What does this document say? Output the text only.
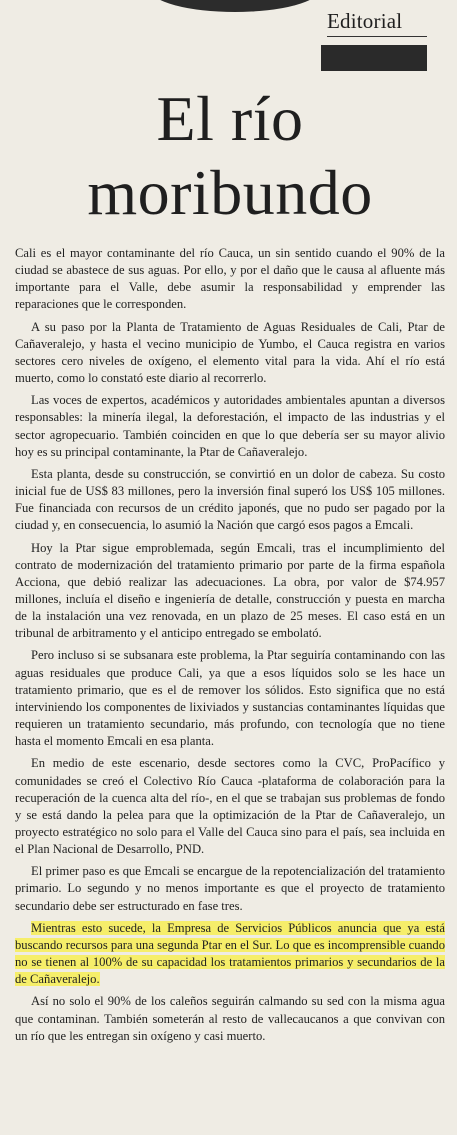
Editorial
El río moribundo

Cali es el mayor contaminante del río Cauca, un sin sentido cuando el 90% de la ciudad se abastece de sus aguas. Por ello, y por el daño que le causa al afluente más importante para el Valle, debe asumir la responsabilidad y emprender las reparaciones que le corresponden.

A su paso por la Planta de Tratamiento de Aguas Residuales de Cali, Ptar de Cañaveralejo, y hasta el vecino municipio de Yumbo, el Cauca registra en varios sectores cero niveles de oxígeno, el elemento vital para la vida. Ahí el río está muerto, como lo constató este diario al recorrerlo.

Las voces de expertos, académicos y autoridades ambientales apuntan a diversos responsables: la minería ilegal, la deforestación, el impacto de las industrias y el sector agropecuario. También coinciden en que lo que debería ser su mayor alivio hoy es su principal contaminante, la Ptar de Cañaveralejo.

Esta planta, desde su construcción, se convirtió en un dolor de cabeza. Su costo inicial fue de US$ 83 millones, pero la inversión final superó los US$ 105 millones. Fue financiada con recursos de un crédito japonés, que no pudo ser pagado por la ciudad y, en consecuencia, lo asumió la Nación que cargó esos pagos a Emcali.

Hoy la Ptar sigue emproblemada, según Emcali, tras el incumplimiento del contrato de modernización del tratamiento primario por parte de la firma española Acciona, que debió realizar las adecuaciones. La obra, por valor de $74.957 millones, incluía el diseño e ingeniería de detalle, construcción y puesta en marcha de la instalación una vez renovada, en un plazo de 25 meses. El caso está en un tribunal de arbitramento y el anticipo entregado se embolató.

Pero incluso si se subsanara este problema, la Ptar seguiría contaminando con las aguas residuales que produce Cali, ya que a esos líquidos solo se les hace un tratamiento primario, que es el de remover los sólidos. Esto significa que no está interviniendo los componentes de lixiviados y sustancias contaminantes líquidas que requieren un tratamiento secundario, más profundo, con tecnología que no tiene hasta el momento Emcali en esa planta.

En medio de este escenario, desde sectores como la CVC, ProPacífico y comunidades se creó el Colectivo Río Cauca -plataforma de colaboración para la recuperación de la cuenca alta del río-, en el que se trabajan sus problemas de fondo y se está dando la pelea para que la optimización de la Ptar de Cañaveralejo, un proyecto estratégico no solo para el Valle del Cauca sino para el país, sea incluida en el Plan Nacional de Desarrollo, PND.

El primer paso es que Emcali se encargue de la repotencialización del tratamiento primario. Lo segundo y no menos importante es que el proyecto de tratamiento secundario debe ser estructurado en fase tres.

Mientras esto sucede, la Empresa de Servicios Públicos anuncia que ya está buscando recursos para una segunda Ptar en el Sur. Lo que es incomprensible cuando no se tienen al 100% de su capacidad los tratamientos primarios y secundarios de la de Cañaveralejo.

Así no solo el 90% de los caleños seguirán calmando su sed con la misma agua que contaminan. También someterán al resto de vallecaucanos a que convivan con un río que les entregan sin oxígeno y casi muerto.
